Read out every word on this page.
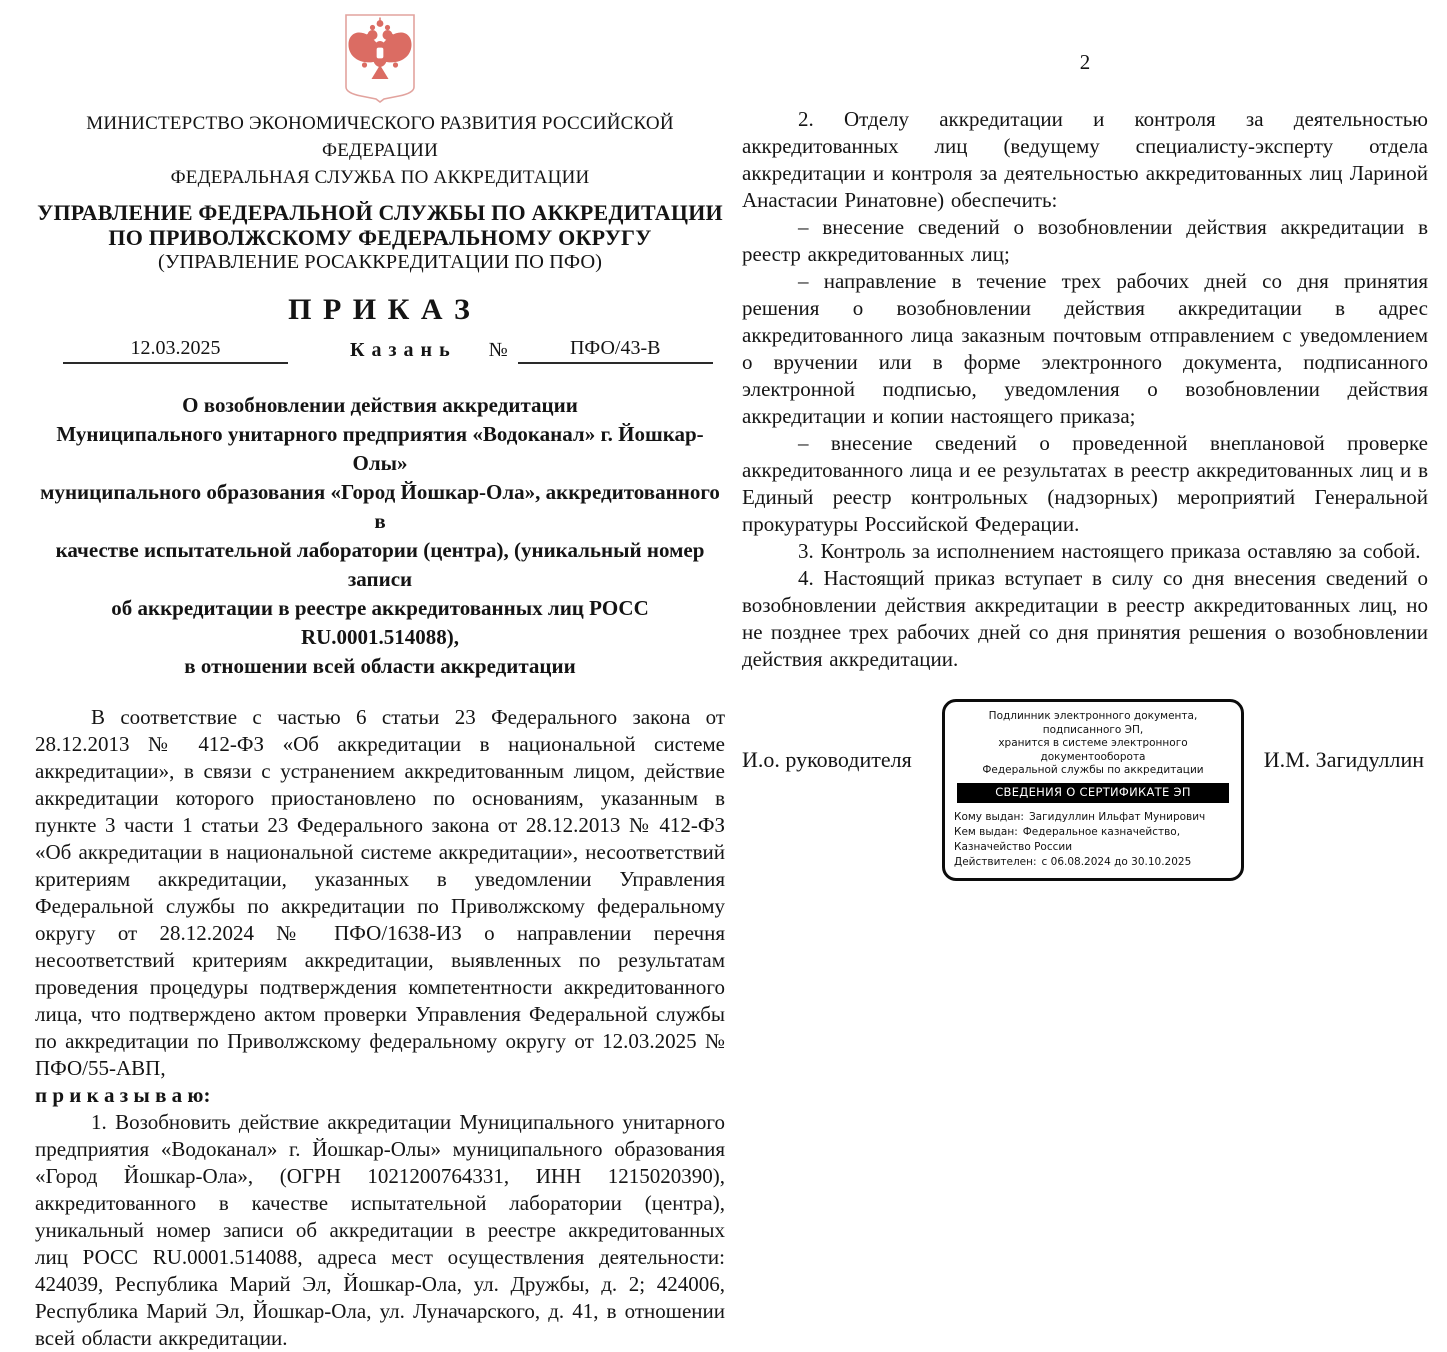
МИНИСТЕРСТВО ЭКОНОМИЧЕСКОГО РАЗВИТИЯ РОССИЙСКОЙ ФЕДЕРАЦИИ
ФЕДЕРАЛЬНАЯ СЛУЖБА ПО АККРЕДИТАЦИИ
УПРАВЛЕНИЕ ФЕДЕРАЛЬНОЙ СЛУЖБЫ ПО АККРЕДИТАЦИИ ПО ПРИВОЛЖСКОМУ ФЕДЕРАЛЬНОМУ ОКРУГУ
(УПРАВЛЕНИЕ РОСАККРЕДИТАЦИИ ПО ПФО)
П Р И К А З
12.03.2025	К а з а н ь №	ПФО/43-В
О возобновлении действия аккредитации
Муниципального унитарного предприятия «Водоканал» г. Йошкар-Олы»
муниципального образования «Город Йошкар-Ола», аккредитованного в
качестве испытательной лаборатории (центра), (уникальный номер записи
об аккредитации в реестре аккредитованных лиц РОСС RU.0001.514088),
в отношении всей области аккредитации

В соответствие с частью 6 статьи 23 Федерального закона от 28.12.2013 № 412-ФЗ «Об аккредитации в национальной системе аккредитации», в связи с устранением аккредитованным лицом, действие аккредитации которого приостановлено по основаниям, указанным в пункте 3 части 1 статьи 23 Федерального закона от 28.12.2013 № 412-ФЗ «Об аккредитации в национальной системе аккредитации», несоответствий критериям аккредитации, указанных в уведомлении Управления Федеральной службы по аккредитации по Приволжскому федеральному округу от 28.12.2024 № ПФО/1638-ИЗ о направлении перечня несоответствий критериям аккредитации, выявленных по результатам проведения процедуры подтверждения компетентности аккредитованного лица, что подтверждено актом проверки Управления Федеральной службы по аккредитации по Приволжскому федеральному округу от 12.03.2025 № ПФО/55-АВП,

п р и к а з ы в а ю:

1. Возобновить действие аккредитации Муниципального унитарного предприятия «Водоканал» г. Йошкар-Олы» муниципального образования «Город Йошкар-Ола», (ОГРН 1021200764331, ИНН 1215020390), аккредитованного в качестве испытательной лаборатории (центра), уникальный номер записи об аккредитации в реестре аккредитованных лиц РОСС RU.0001.514088, адреса мест осуществления деятельности: 424039, Республика Марий Эл, Йошкар-Ола, ул. Дружбы, д. 2; 424006, Республика Марий Эл, Йошкар-Ола, ул. Луначарского, д. 41, в отношении всей области аккредитации.

2

2. Отделу аккредитации и контроля за деятельностью аккредитованных лиц (ведущему специалисту-эксперту отдела аккредитации и контроля за деятельностью аккредитованных лиц Лариной Анастасии Ринатовне) обеспечить:

– внесение сведений о возобновлении действия аккредитации в реестр аккредитованных лиц;

– направление в течение трех рабочих дней со дня принятия решения о возобновлении действия аккредитации в адрес аккредитованного лица заказным почтовым отправлением с уведомлением о вручении или в форме электронного документа, подписанного электронной подписью, уведомления о возобновлении действия аккредитации и копии настоящего приказа;

– внесение сведений о проведенной внеплановой проверке аккредитованного лица и ее результатах в реестр аккредитованных лиц и в Единый реестр контрольных (надзорных) мероприятий Генеральной прокуратуры Российской Федерации.

3. Контроль за исполнением настоящего приказа оставляю за собой.

4. Настоящий приказ вступает в силу со дня внесения сведений о возобновлении действия аккредитации в реестр аккредитованных лиц, но не позднее трех рабочих дней со дня принятия решения о возобновлении действия аккредитации.

И.о. руководителя
Подлинник электронного документа, подписанного ЭП,
хранится в системе электронного документооборота
Федеральной службы по аккредитации
СВЕДЕНИЯ О СЕРТИФИКАТЕ ЭП
Кому выдан: Загидуллин Ильфат Мунирович
Кем выдан: Федеральное казначейство, Казначейство России
Действителен: с 06.08.2024 до 30.10.2025
И.М. Загидуллин
